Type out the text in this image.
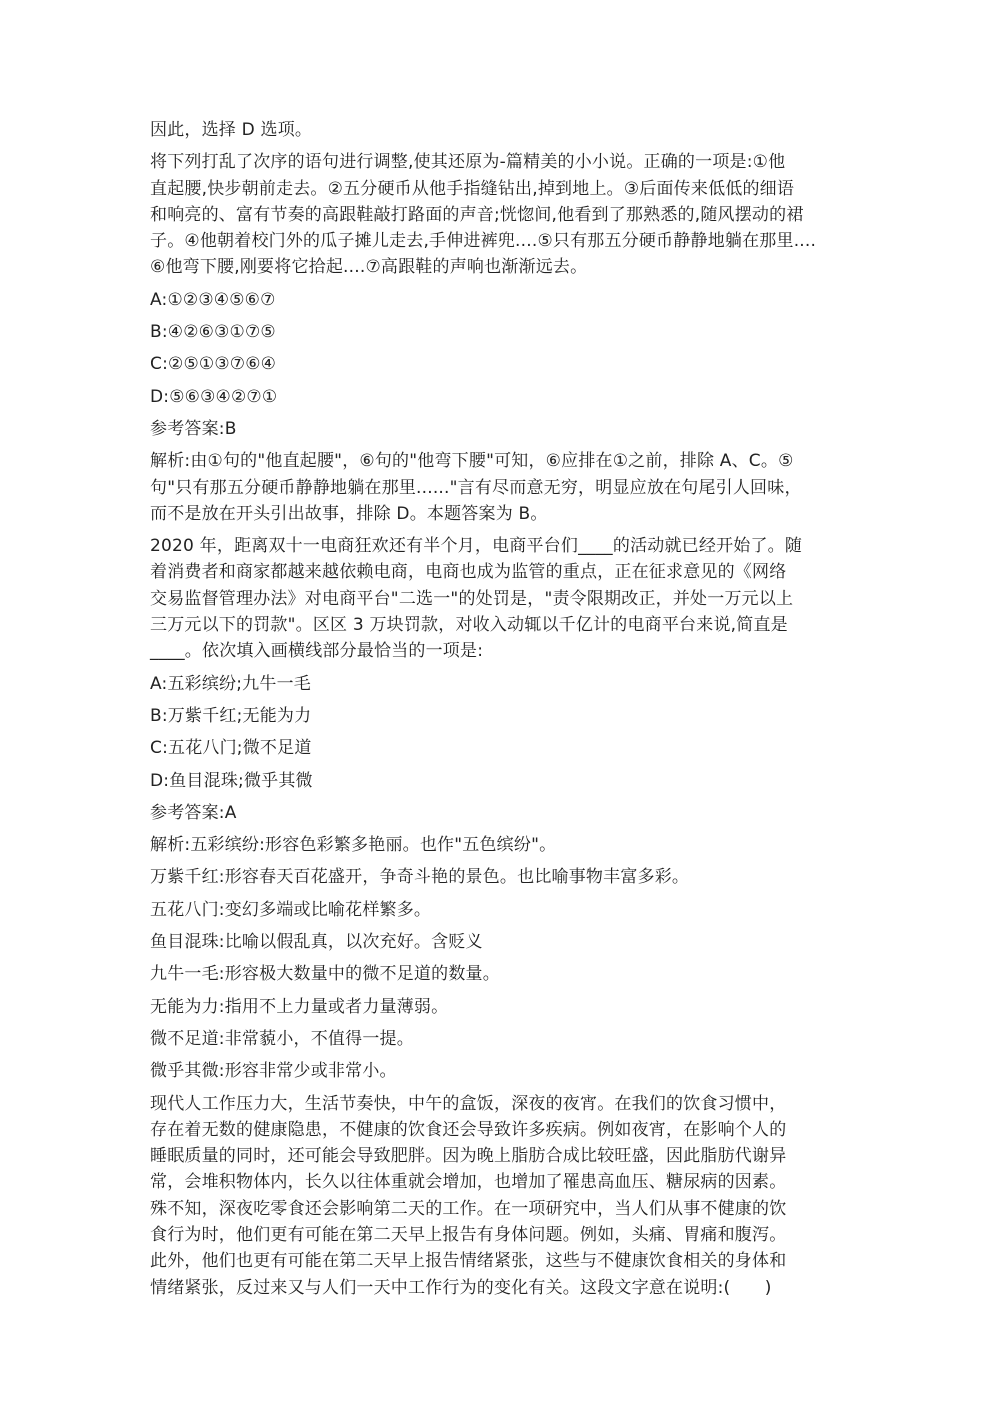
因此，选择 D 选项。

将下列打乱了次序的语句进行调整,使其还原为-篇精美的小小说。正确的一项是:①他
直起腰,快步朝前走去。②五分硬币从他手指缝钻出,掉到地上。③后面传来低低的细语
和响亮的、富有节奏的高跟鞋敲打路面的声音;恍惚间,他看到了那熟悉的,随风摆动的裙
子。④他朝着校门外的瓜子摊儿走去,手伸进裤兜....⑤只有那五分硬币静静地躺在那里....
⑥他弯下腰,刚要将它拾起....⑦高跟鞋的声响也渐渐远去。

A:①②③④⑤⑥⑦

B:④②⑥③①⑦⑤

C:②⑤①③⑦⑥④

D:⑤⑥③④②⑦①

参考答案:B

解析:由①句的"他直起腰"，⑥句的"他弯下腰"可知，⑥应排在①之前，排除 A、C。⑤
句"只有那五分硬币静静地躺在那里......"言有尽而意无穷，明显应放在句尾引人回味，
而不是放在开头引出故事，排除 D。本题答案为 B。

2020 年，距离双十一电商狂欢还有半个月，电商平台们____的活动就已经开始了。随
着消费者和商家都越来越依赖电商，电商也成为监管的重点，正在征求意见的《网络
交易监督管理办法》对电商平台"二选一"的处罚是，"责令限期改正，并处一万元以上
三万元以下的罚款"。区区 3 万块罚款，对收入动辄以千亿计的电商平台来说,简直是
____。依次填入画横线部分最恰当的一项是:

A:五彩缤纷;九牛一毛

B:万紫千红;无能为力

C:五花八门;微不足道

D:鱼目混珠;微乎其微

参考答案:A

解析:五彩缤纷:形容色彩繁多艳丽。也作"五色缤纷"。

万紫千红:形容春天百花盛开，争奇斗艳的景色。也比喻事物丰富多彩。

五花八门:变幻多端或比喻花样繁多。

鱼目混珠:比喻以假乱真，以次充好。含贬义

九牛一毛:形容极大数量中的微不足道的数量。

无能为力:指用不上力量或者力量薄弱。

微不足道:非常藐小，不值得一提。

微乎其微:形容非常少或非常小。

现代人工作压力大，生活节奏快，中午的盒饭，深夜的夜宵。在我们的饮食习惯中，
存在着无数的健康隐患，不健康的饮食还会导致许多疾病。例如夜宵，在影响个人的
睡眠质量的同时，还可能会导致肥胖。因为晚上脂肪合成比较旺盛，因此脂肪代谢异
常，会堆积物体内，长久以往体重就会增加，也增加了罹患高血压、糖尿病的因素。
殊不知，深夜吃零食还会影响第二天的工作。在一项研究中，当人们从事不健康的饮
食行为时，他们更有可能在第二天早上报告有身体问题。例如，头痛、胃痛和腹泻。
此外，他们也更有可能在第二天早上报告情绪紧张，这些与不健康饮食相关的身体和
情绪紧张，反过来又与人们一天中工作行为的变化有关。这段文字意在说明:(　　)
